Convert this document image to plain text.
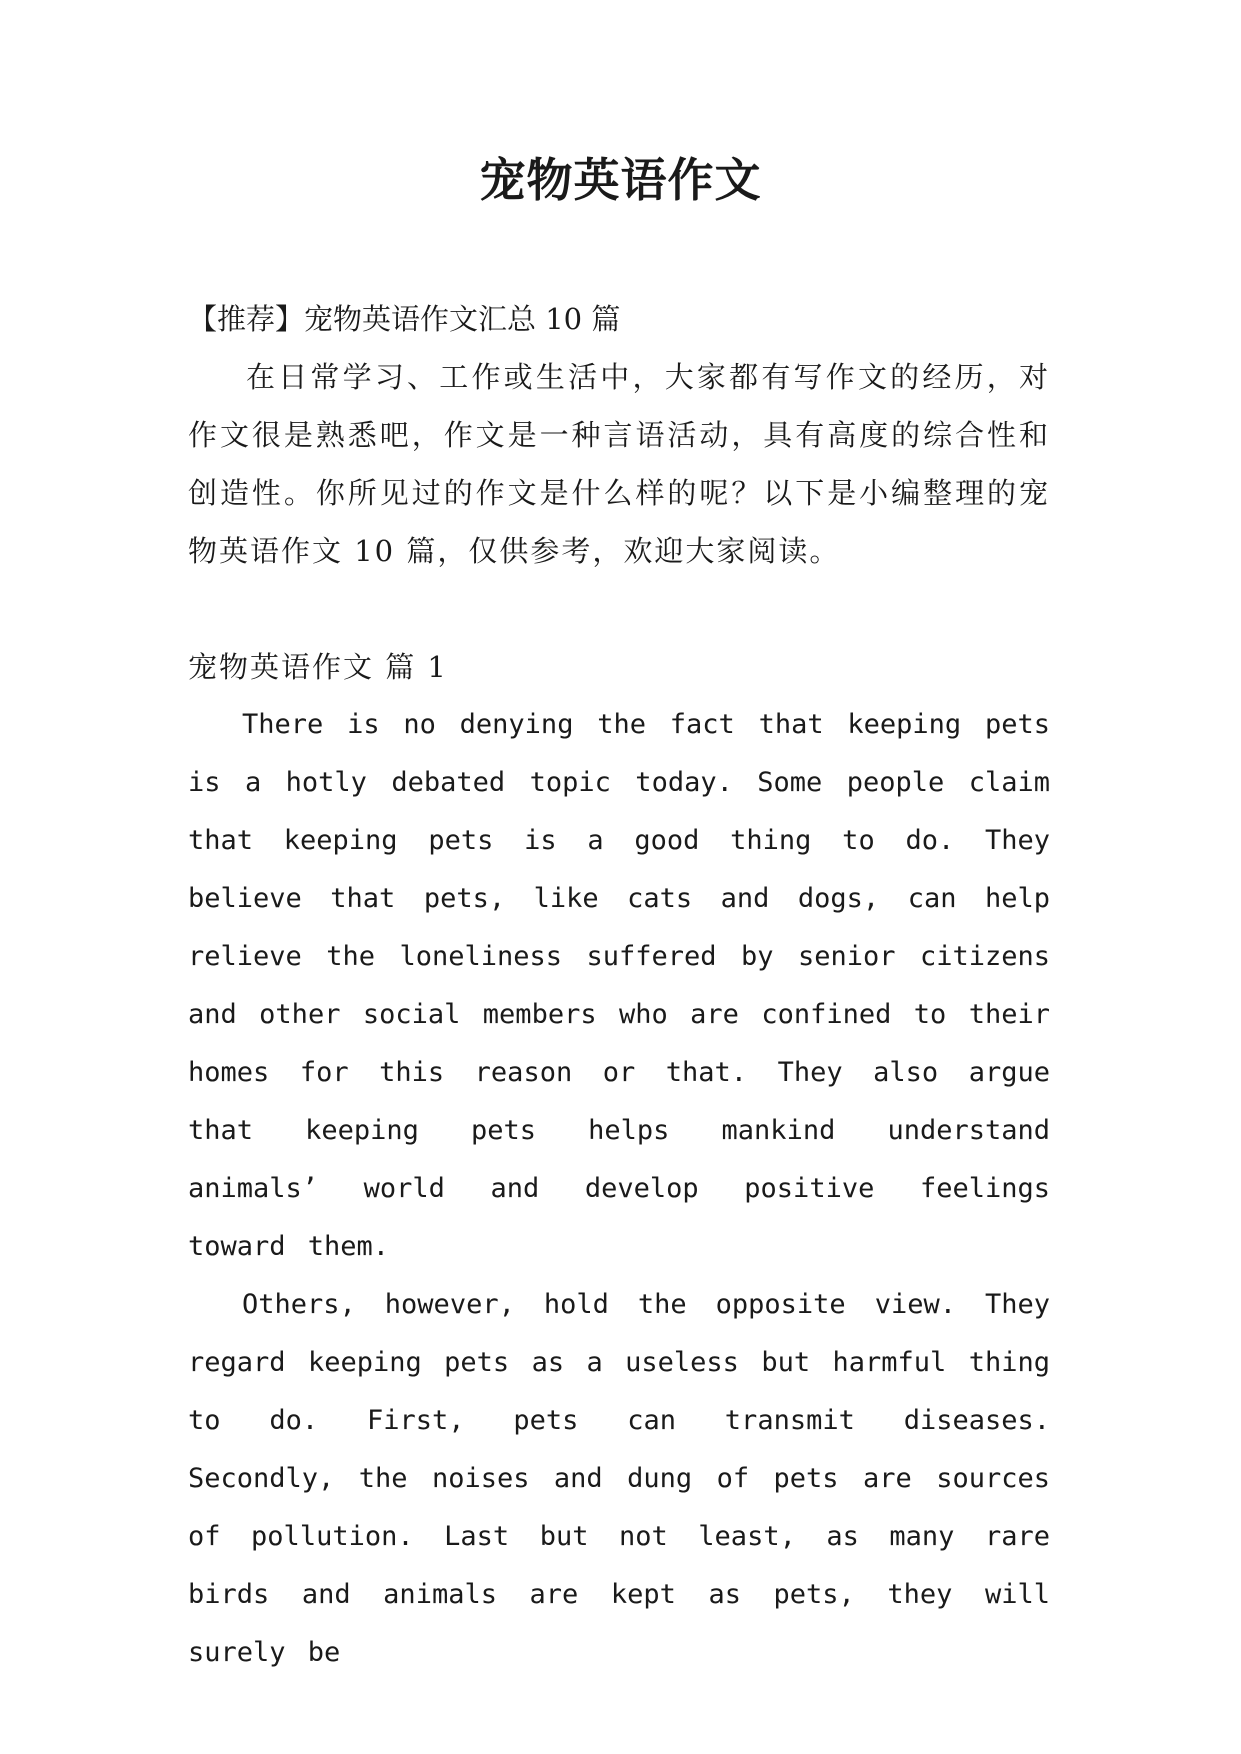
宠物英语作文

【推荐】宠物英语作文汇总 10 篇

在日常学习、工作或生活中，大家都有写作文的经历，对作文很是熟悉吧，作文是一种言语活动，具有高度的综合性和创造性。你所见过的作文是什么样的呢？以下是小编整理的宠物英语作文 10 篇，仅供参考，欢迎大家阅读。

宠物英语作文 篇 1

There is no denying the fact that keeping pets is a hotly debated topic today. Some people claim that keeping pets is a good thing to do. They believe that pets, like cats and dogs, can help relieve the loneliness suffered by senior citizens and other social members who are confined to their homes for this reason or that. They also argue that keeping pets helps mankind understand animals’ world and develop positive feelings toward them.

Others, however, hold the opposite view. They regard keeping pets as a useless but harmful thing to do. First, pets can transmit diseases. Secondly, the noises and dung of pets are sources of pollution. Last but not least, as many rare birds and animals are kept as pets, they will surely be
